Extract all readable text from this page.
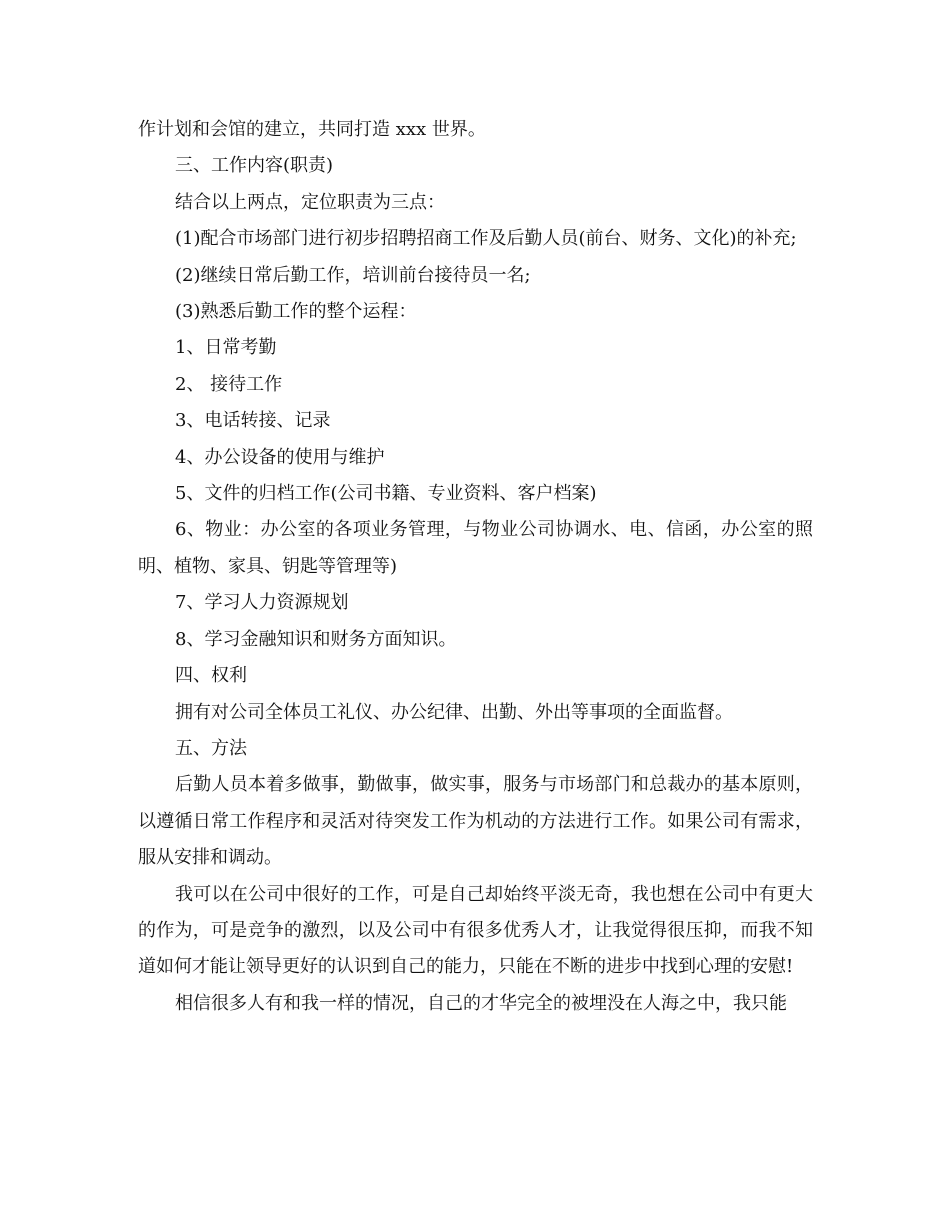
作计划和会馆的建立，共同打造 xxx 世界。

三、工作内容(职责)

结合以上两点，定位职责为三点：

(1)配合市场部门进行初步招聘招商工作及后勤人员(前台、财务、文化)的补充;

(2)继续日常后勤工作，培训前台接待员一名;

(3)熟悉后勤工作的整个运程：

1、日常考勤

2、 接待工作

3、电话转接、记录

4、办公设备的使用与维护

5、文件的归档工作(公司书籍、专业资料、客户档案)

6、物业：办公室的各项业务管理，与物业公司协调水、电、信函，办公室的照明、植物、家具、钥匙等管理等)

7、学习人力资源规划

8、学习金融知识和财务方面知识。

四、权利

拥有对公司全体员工礼仪、办公纪律、出勤、外出等事项的全面监督。

五、方法

后勤人员本着多做事，勤做事，做实事，服务与市场部门和总裁办的基本原则，以遵循日常工作程序和灵活对待突发工作为机动的方法进行工作。如果公司有需求，服从安排和调动。

我可以在公司中很好的工作，可是自己却始终平淡无奇，我也想在公司中有更大的作为，可是竞争的激烈，以及公司中有很多优秀人才，让我觉得很压抑，而我不知道如何才能让领导更好的认识到自己的能力，只能在不断的进步中找到心理的安慰!

相信很多人有和我一样的情况，自己的才华完全的被埋没在人海之中，我只能
